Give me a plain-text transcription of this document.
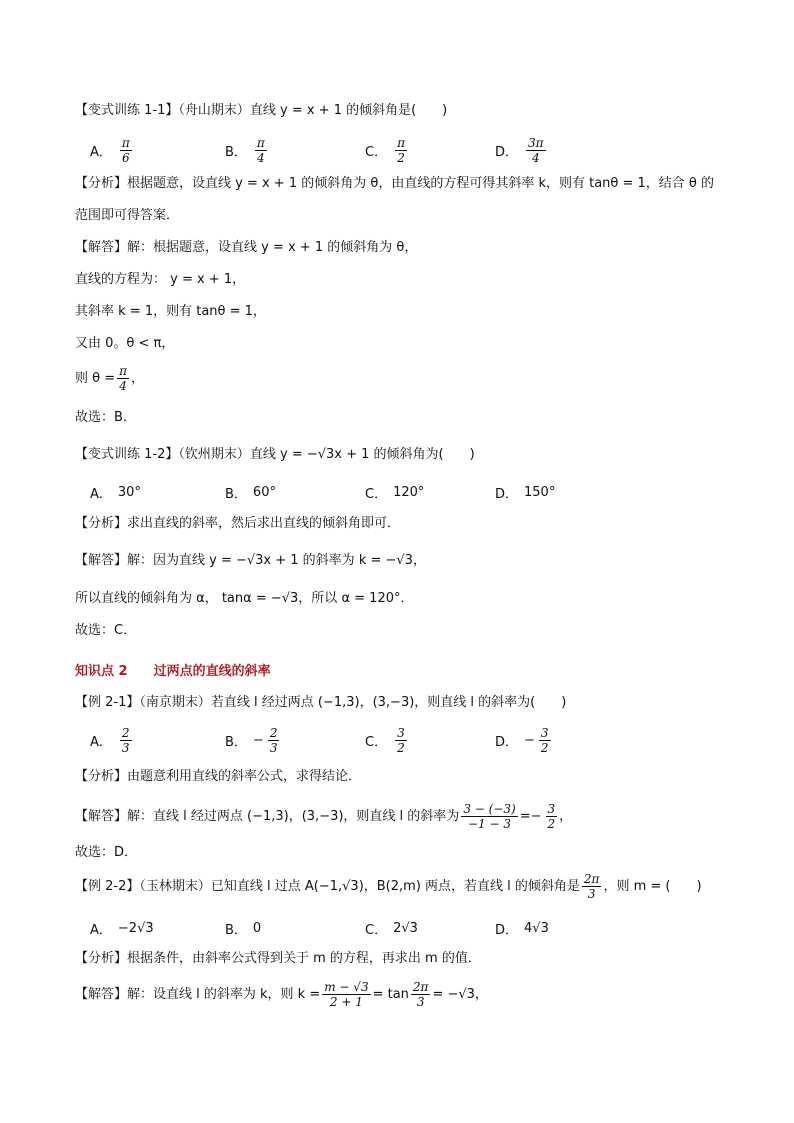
【变式训练 1-1】（舟山期末）直线 y = x + 1 的倾斜角是(　　)
A． $\frac{\pi}{6}$	B． $\frac{\pi}{4}$	C． $\frac{\pi}{2}$	D． $\frac{3\pi}{4}$
【分析】根据题意，设直线 y = x + 1 的倾斜角为 θ，由直线的方程可得其斜率 k，则有 tanθ = 1，结合 θ 的
范围即可得答案．
【解答】解：根据题意，设直线 y = x + 1 的倾斜角为 θ，
直线的方程为： y = x + 1，
其斜率 k = 1，则有 tanθ = 1，
又由 0。θ < π，
则 $\theta = \frac{\pi}{4}$ ，
故选：B．
【变式训练 1-2】（钦州期末）直线 y = −√3x + 1 的倾斜角为(　　)
A． 30°	B． 60°	C． 120°	D． 150°
【分析】求出直线的斜率，然后求出直线的倾斜角即可．
【解答】解：因为直线 y = −√3x + 1 的斜率为 k = −√3，
所以直线的倾斜角为 α， tanα = −√3，所以 α = 120°．
故选：C．
知识点 2 过两点的直线的斜率
【例 2-1】（南京期末）若直线 l 经过两点 (−1,3)，(3,−3)，则直线 l 的斜率为(　　)
A． $\frac{2}{3}$	B． − $\frac{2}{3}$	C． $\frac{3}{2}$	D． − $\frac{3}{2}$
【分析】由题意利用直线的斜率公式，求得结论．
【解答】解：直线 l 经过两点 (−1,3)，(3,−3)，则直线 l 的斜率为 $\frac{3 - (-3)}{-1 - 3}$ = − $\frac{3}{2}$ ，
故选：D．
【例 2-2】（玉林期末）已知直线 l 过点 A(−1,√3)，B(2,m) 两点，若直线 l 的倾斜角是 $\frac{2\pi}{3}$ ，则 m = (　　)
A． −2√3	B． 0	C． 2√3	D． 4√3
【分析】根据条件，由斜率公式得到关于 m 的方程，再求出 m 的值．
【解答】解：设直线 l 的斜率为 k，则 $k = \frac{m - √3}{2 + 1} = \tan \frac{2\pi}{3} = -√3$，
